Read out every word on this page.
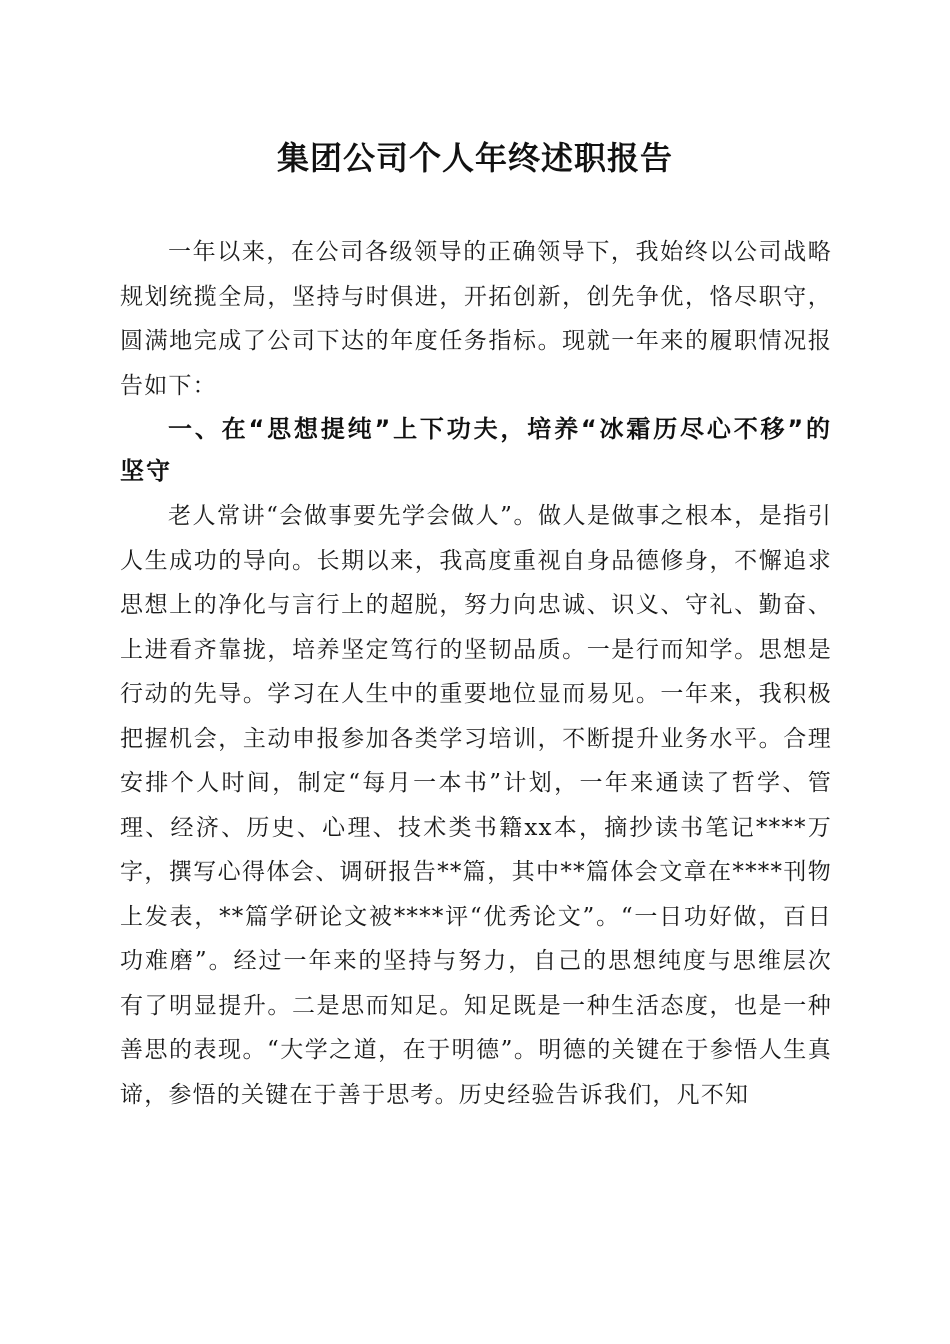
集团公司个人年终述职报告

一年以来，在公司各级领导的正确领导下，我始终以公司战略规划统揽全局，坚持与时俱进，开拓创新，创先争优，恪尽职守，圆满地完成了公司下达的年度任务指标。现就一年来的履职情况报告如下：

一、在“思想提纯”上下功夫，培养“冰霜历尽心不移”的坚守

老人常讲“会做事要先学会做人”。做人是做事之根本，是指引人生成功的导向。长期以来，我高度重视自身品德修身，不懈追求思想上的净化与言行上的超脱，努力向忠诚、识义、守礼、勤奋、上进看齐靠拢，培养坚定笃行的坚韧品质。一是行而知学。思想是行动的先导。学习在人生中的重要地位显而易见。一年来，我积极把握机会，主动申报参加各类学习培训，不断提升业务水平。合理安排个人时间，制定“每月一本书”计划，一年来通读了哲学、管理、经济、历史、心理、技术类书籍xx本，摘抄读书笔记****万字，撰写心得体会、调研报告**篇，其中**篇体会文章在****刊物上发表，**篇学研论文被****评“优秀论文”。“一日功好做，百日功难磨”。经过一年来的坚持与努力，自己的思想纯度与思维层次有了明显提升。二是思而知足。知足既是一种生活态度，也是一种善思的表现。“大学之道，在于明德”。明德的关键在于参悟人生真谛，参悟的关键在于善于思考。历史经验告诉我们，凡不知
